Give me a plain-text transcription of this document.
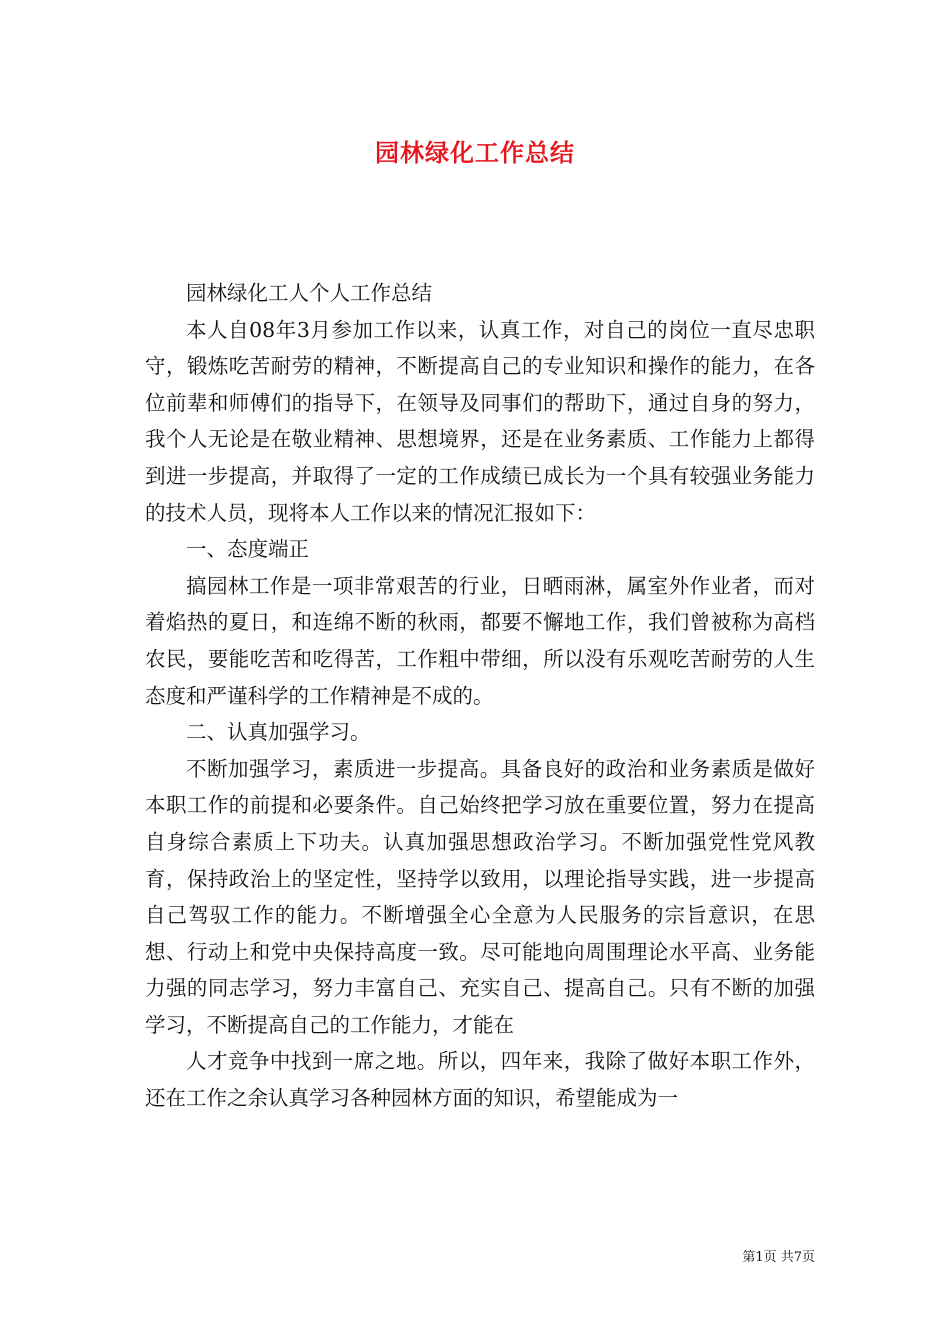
园林绿化工作总结

园林绿化工人个人工作总结

本人自08年3月参加工作以来，认真工作，对自己的岗位一直尽忠职守，锻炼吃苦耐劳的精神，不断提高自己的专业知识和操作的能力，在各位前辈和师傅们的指导下，在领导及同事们的帮助下，通过自身的努力，我个人无论是在敬业精神、思想境界，还是在业务素质、工作能力上都得到进一步提高，并取得了一定的工作成绩已成长为一个具有较强业务能力的技术人员，现将本人工作以来的情况汇报如下：

一、态度端正

搞园林工作是一项非常艰苦的行业，日晒雨淋，属室外作业者，而对着焰热的夏日，和连绵不断的秋雨，都要不懈地工作，我们曾被称为高档农民，要能吃苦和吃得苦，工作粗中带细，所以没有乐观吃苦耐劳的人生态度和严谨科学的工作精神是不成的。

二、认真加强学习。

不断加强学习，素质进一步提高。具备良好的政治和业务素质是做好本职工作的前提和必要条件。自己始终把学习放在重要位置，努力在提高自身综合素质上下功夫。认真加强思想政治学习。不断加强党性党风教育，保持政治上的坚定性，坚持学以致用，以理论指导实践，进一步提高自己驾驭工作的能力。不断增强全心全意为人民服务的宗旨意识，在思想、行动上和党中央保持高度一致。尽可能地向周围理论水平高、业务能力强的同志学习，努力丰富自己、充实自己、提高自己。只有不断的加强学习，不断提高自己的工作能力，才能在

人才竞争中找到一席之地。所以，四年来，我除了做好本职工作外，还在工作之余认真学习各种园林方面的知识，希望能成为一

第1页 共7页
